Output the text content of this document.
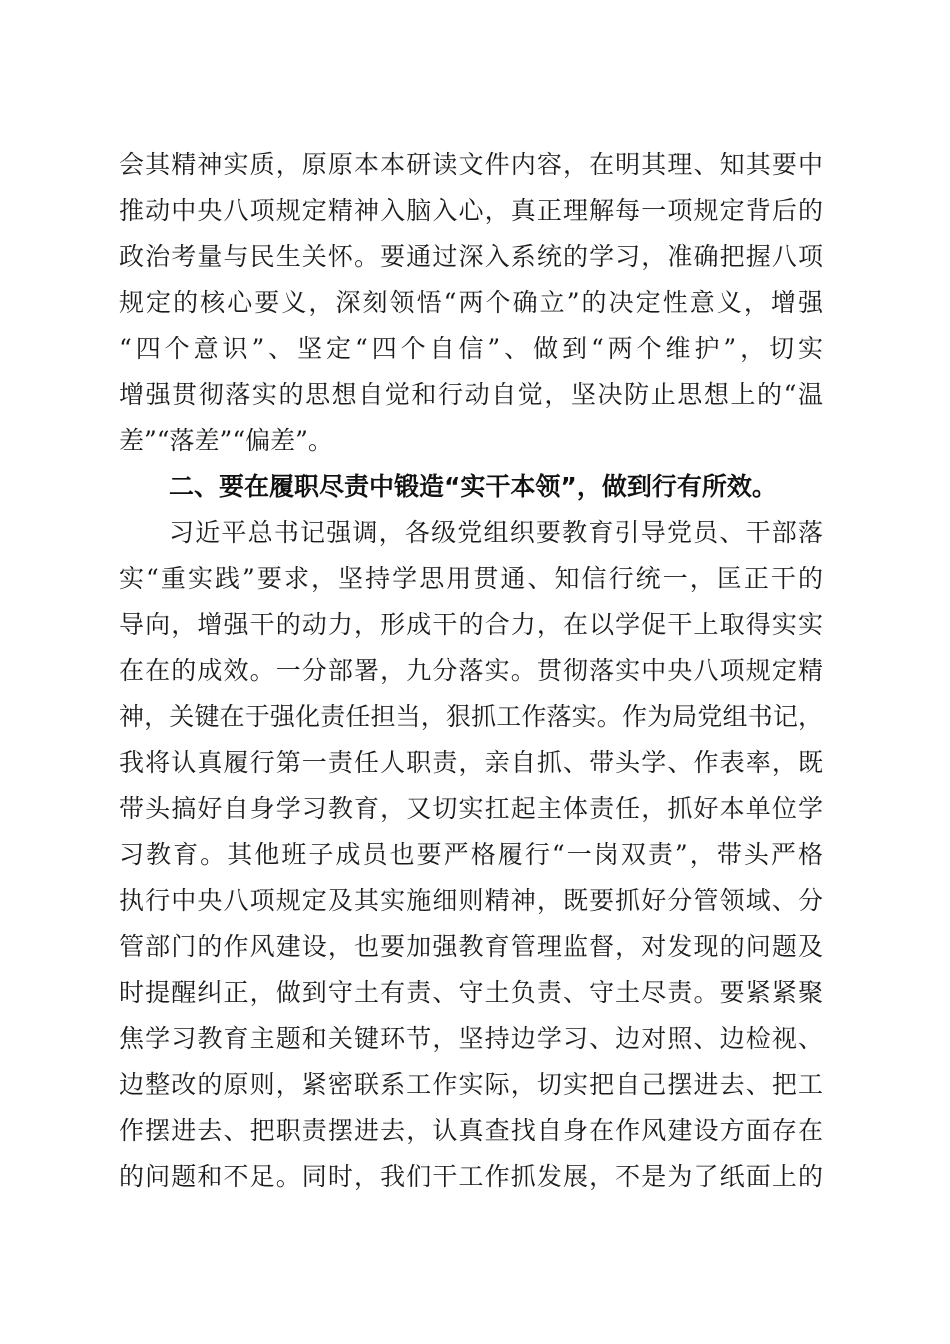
会其精神实质，原原本本研读文件内容，在明其理、知其要中
推动中央八项规定精神入脑入心，真正理解每一项规定背后的
政治考量与民生关怀。要通过深入系统的学习，准确把握八项
规定的核心要义，深刻领悟“两个确立”的决定性意义，增强
“四个意识”、坚定“四个自信”、做到“两个维护”，切实
增强贯彻落实的思想自觉和行动自觉，坚决防止思想上的“温
差”“落差”“偏差”。
二、要在履职尽责中锻造“实干本领”，做到行有所效。
习近平总书记强调，各级党组织要教育引导党员、干部落
实“重实践”要求，坚持学思用贯通、知信行统一，匡正干的
导向，增强干的动力，形成干的合力，在以学促干上取得实实
在在的成效。一分部署，九分落实。贯彻落实中央八项规定精
神，关键在于强化责任担当，狠抓工作落实。作为局党组书记，
我将认真履行第一责任人职责，亲自抓、带头学、作表率，既
带头搞好自身学习教育，又切实扛起主体责任，抓好本单位学
习教育。其他班子成员也要严格履行“一岗双责”，带头严格
执行中央八项规定及其实施细则精神，既要抓好分管领域、分
管部门的作风建设，也要加强教育管理监督，对发现的问题及
时提醒纠正，做到守土有责、守土负责、守土尽责。要紧紧聚
焦学习教育主题和关键环节，坚持边学习、边对照、边检视、
边整改的原则，紧密联系工作实际，切实把自己摆进去、把工
作摆进去、把职责摆进去，认真查找自身在作风建设方面存在
的问题和不足。同时，我们干工作抓发展，不是为了纸面上的
